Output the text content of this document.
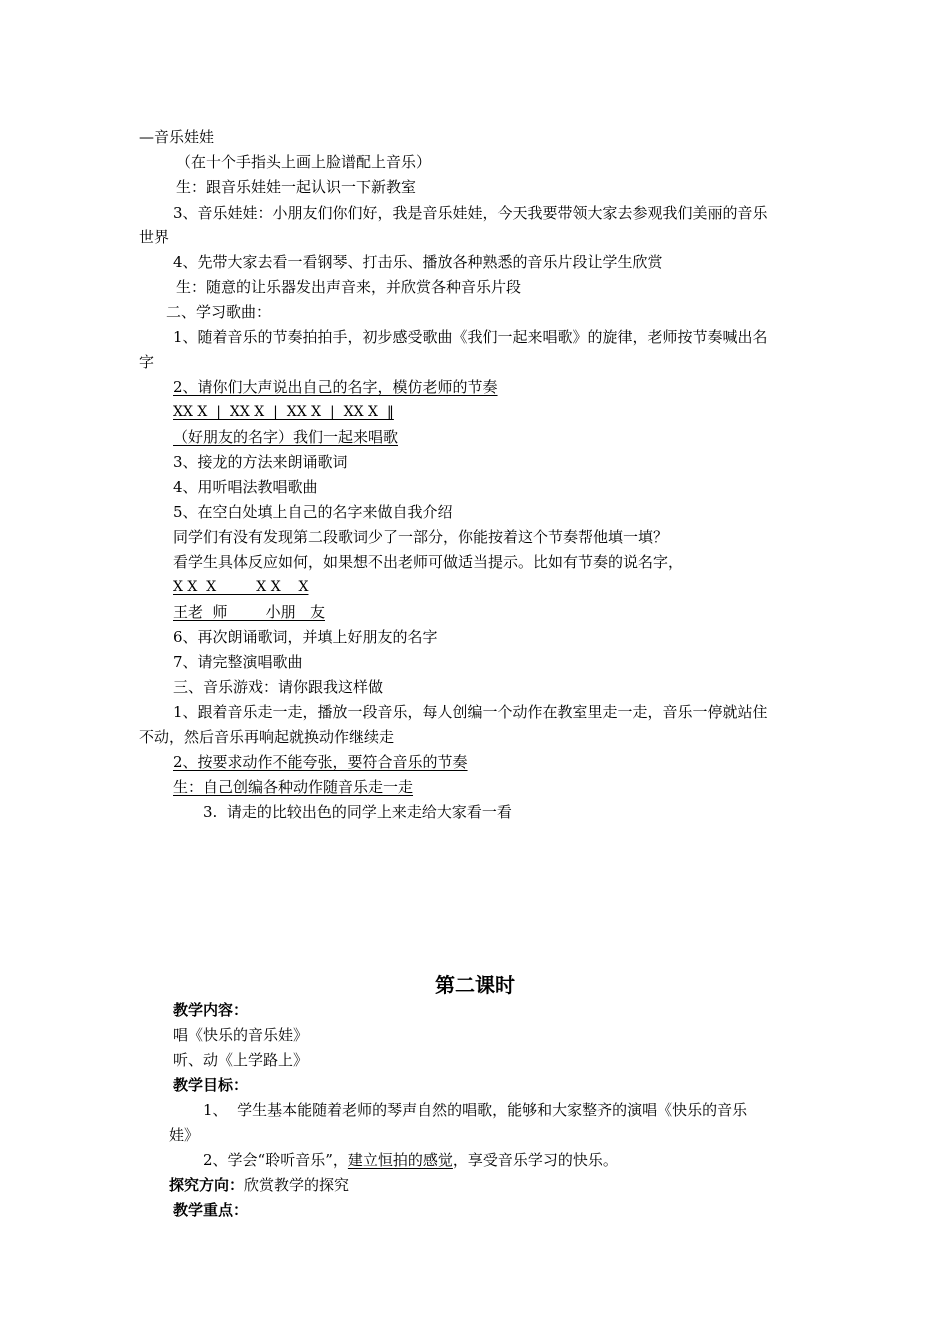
—音乐娃娃

（在十个手指头上画上脸谱配上音乐）

生：跟音乐娃娃一起认识一下新教室

3、音乐娃娃：小朋友们你们好，我是音乐娃娃，今天我要带领大家去参观我们美丽的音乐

世界

4、先带大家去看一看钢琴、打击乐、播放各种熟悉的音乐片段让学生欣赏

生：随意的让乐器发出声音来，并欣赏各种音乐片段

二、学习歌曲：

1、随着音乐的节奏拍拍手，初步感受歌曲《我们一起来唱歌》的旋律，老师按节奏喊出名

字

2、请你们大声说出自己的名字，模仿老师的节奏

XX X  |  XX X  |  XX X  |  XX X  ‖

（好朋友的名字）我们一起来唱歌

3、接龙的方法来朗诵歌词

4、用听唱法教唱歌曲

5、在空白处填上自己的名字来做自我介绍

同学们有没有发现第二段歌词少了一部分，你能按着这个节奏帮他填一填？

看学生具体反应如何，如果想不出老师可做适当提示。比如有节奏的说名字，

X X  X         X X    X

王老  师        小朋   友

6、再次朗诵歌词，并填上好朋友的名字

7、请完整演唱歌曲

三、音乐游戏：请你跟我这样做

1、跟着音乐走一走，播放一段音乐，每人创编一个动作在教室里走一走，音乐一停就站住

不动，然后音乐再响起就换动作继续走

2、按要求动作不能夸张，要符合音乐的节奏

生：自己创编各种动作随音乐走一走

3.  请走的比较出色的同学上来走给大家看一看

第二课时

教学内容：

唱《快乐的音乐娃》

听、动《上学路上》

教学目标：

1、  学生基本能随着老师的琴声自然的唱歌，能够和大家整齐的演唱《快乐的音乐

娃》

2、学会“聆听音乐”，建立恒拍的感觉，享受音乐学习的快乐。

探究方向：欣赏教学的探究

教学重点：
